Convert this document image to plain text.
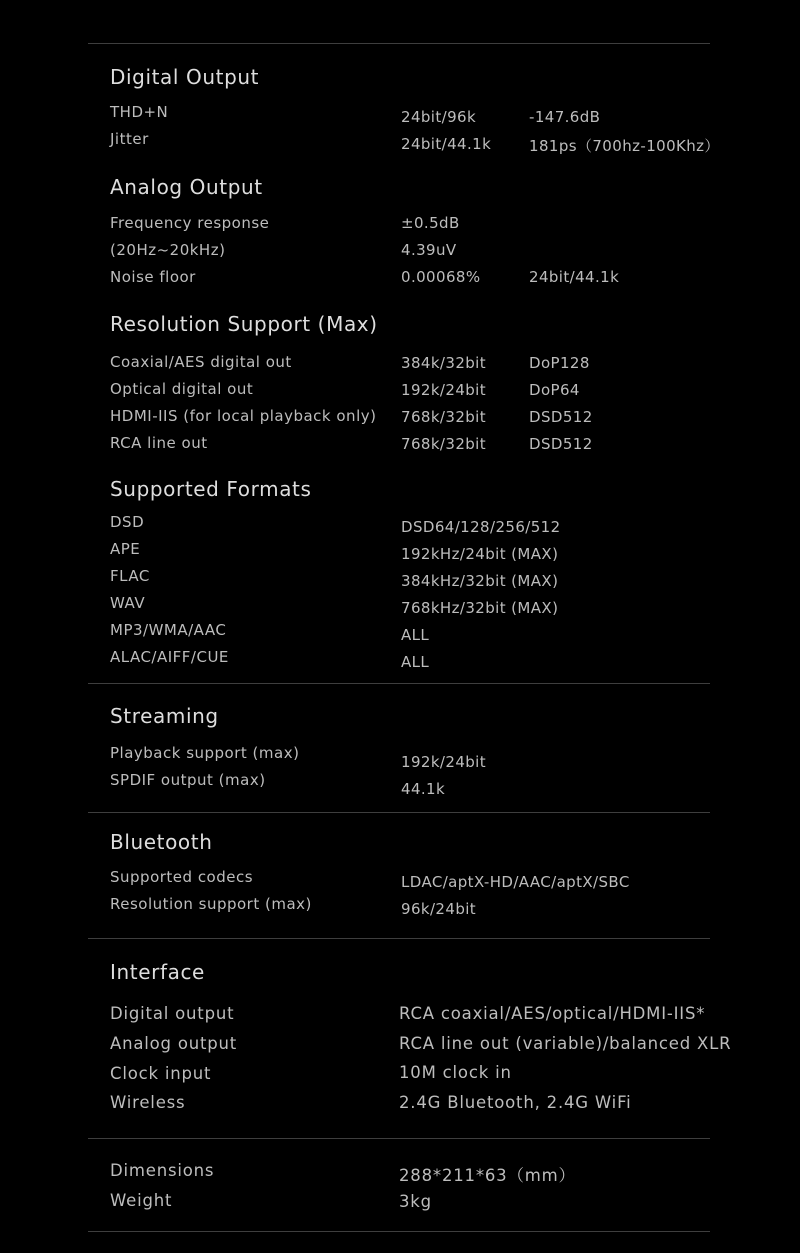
Digital Output
THD+N
Jitter
24bit/96k
24bit/44.1k
-147.6dB
181ps（700hz-100Khz）
Analog Output
Frequency response
(20Hz~20kHz)
Noise floor
±0.5dB
4.39uV
0.00068%	24bit/44.1k
Resolution Support (Max)
Coaxial/AES digital out
Optical digital out
HDMI-IIS (for local playback only)
RCA line out
384k/32bit
192k/24bit
768k/32bit
768k/32bit
DoP128
DoP64
DSD512
DSD512
Supported Formats
DSD
APE
FLAC
WAV
MP3/WMA/AAC
ALAC/AIFF/CUE
DSD64/128/256/512
192kHz/24bit (MAX)
384kHz/32bit (MAX)
768kHz/32bit (MAX)
ALL
ALL
Streaming
Playback support (max)
SPDIF output (max)
192k/24bit
44.1k
Bluetooth
Supported codecs
Resolution support (max)
LDAC/aptX-HD/AAC/aptX/SBC
96k/24bit
Interface
Digital output
Analog output
Clock input
Wireless
RCA coaxial/AES/optical/HDMI-IIS*
RCA line out (variable)/balanced XLR
10M clock in
2.4G Bluetooth, 2.4G WiFi
Dimensions
Weight
288*211*63（mm）
3kg
